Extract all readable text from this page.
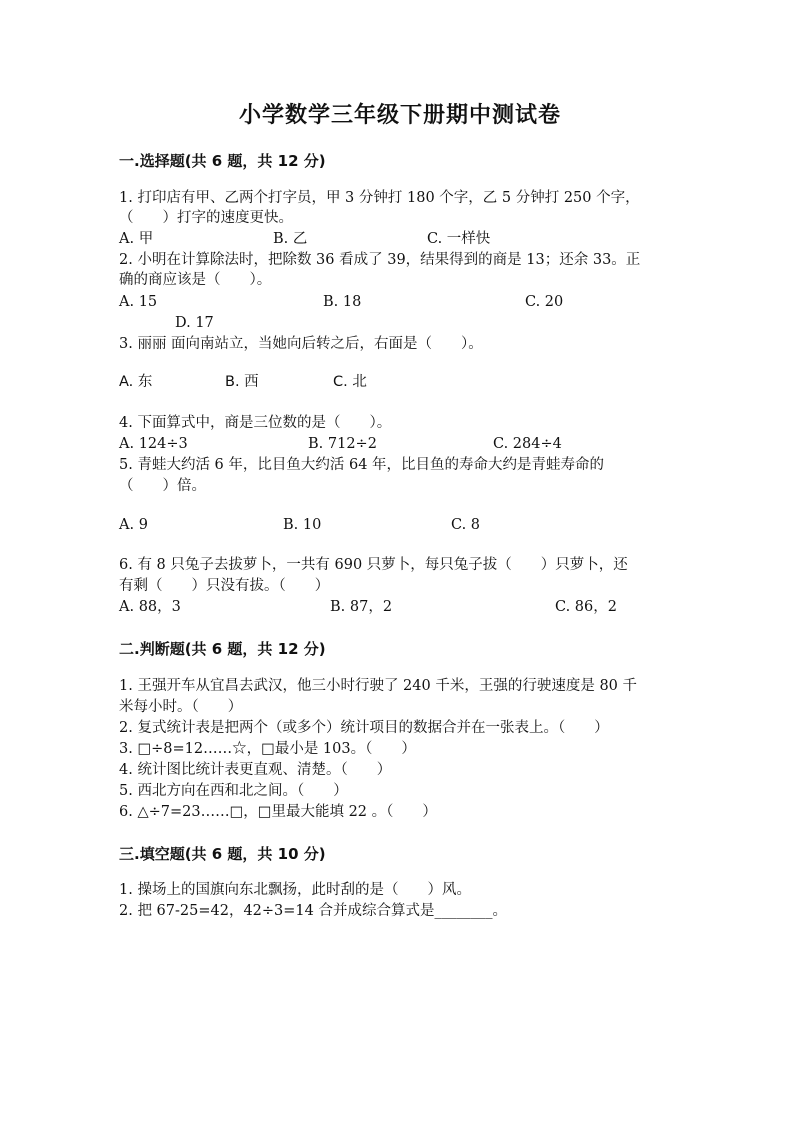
小学数学三年级下册期中测试卷
一.选择题(共 6 题，共 12 分)
1. 打印店有甲、乙两个打字员，甲 3 分钟打 180 个字，乙 5 分钟打 250 个字，
（　　）打字的速度更快。
A. 甲	B. 乙	C. 一样快
2. 小明在计算除法时，把除数 36 看成了 39，结果得到的商是 13；还余 33。正
确的商应该是（　　）。
A. 15	B. 18	C. 20
D. 17
3. 丽丽 面向南站立，当她向后转之后，右面是（　　）。
A. 东	B. 西	C. 北
4. 下面算式中，商是三位数的是（　　）。
A. 124÷3	B. 712÷2	C. 284÷4
5. 青蛙大约活 6 年，比目鱼大约活 64 年，比目鱼的寿命大约是青蛙寿命的
（　　）倍。
A. 9	B. 10	C. 8
6. 有 8 只兔子去拔萝卜，一共有 690 只萝卜，每只兔子拔（　　）只萝卜，还
有剩（　　）只没有拔。（　　）
A. 88，3	B. 87，2	C. 86，2
二.判断题(共 6 题，共 12 分)
1. 王强开车从宜昌去武汉，他三小时行驶了 240 千米，王强的行驶速度是 80 千
米每小时。（　　）
2. 复式统计表是把两个（或多个）统计项目的数据合并在一张表上。（　　）
3. □÷8=12……☆，□最小是 103。（　　）
4. 统计图比统计表更直观、清楚。（　　）
5. 西北方向在西和北之间。（　　）
6. △÷7=23……□，□里最大能填 22 。（　　）
三.填空题(共 6 题，共 10 分)
1. 操场上的国旗向东北飘扬，此时刮的是（　　）风。
2. 把 67-25=42，42÷3=14 合并成综合算式是________。
